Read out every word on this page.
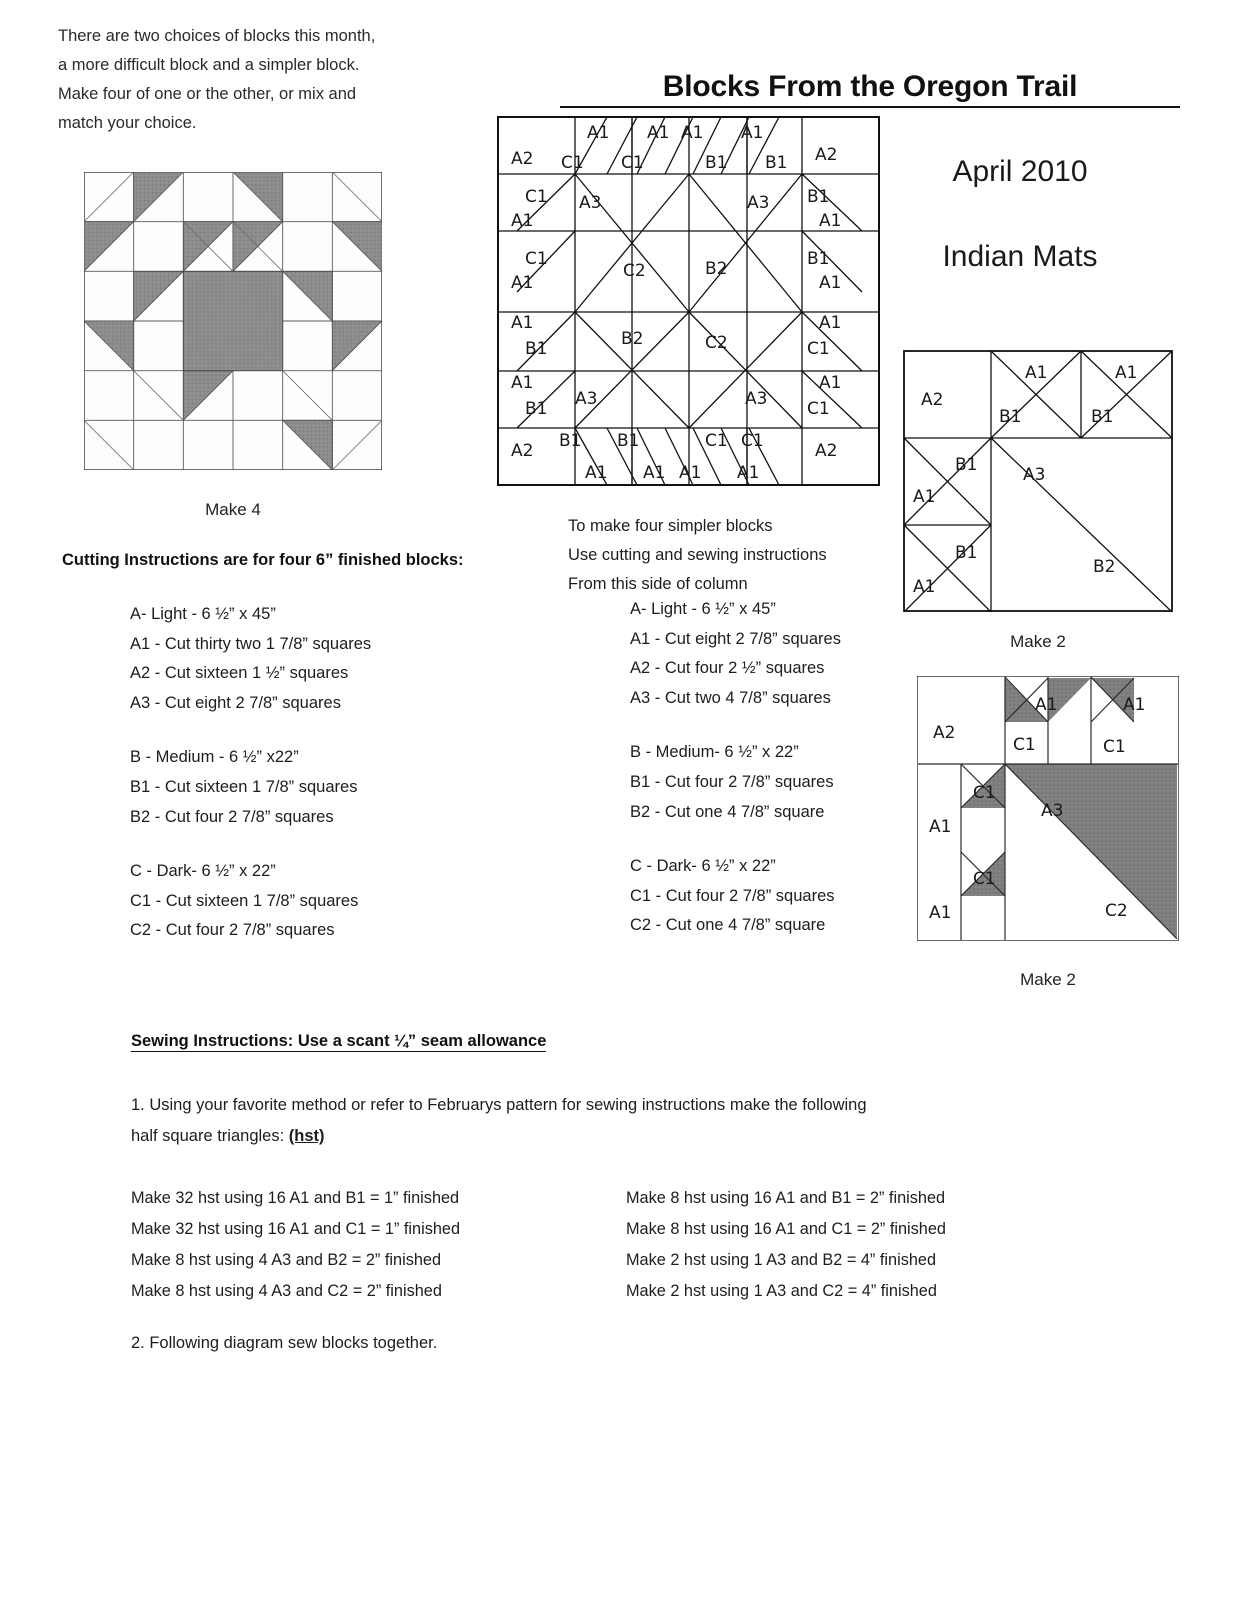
There are two choices of blocks this month,
a more difficult block and a simpler block.
Make four of one or the other, or mix and
match your choice.
Blocks From the Oregon Trail
April 2010
Indian Mats
Make 4
A2	A2
A2	A2
A1 A1 A1 A1
C1 C1	B1 B1
C1
A1
B1
A1
A3	A3
C1
A1
B1
A1
C2	B2
A1
B1
A1
C1
B2	C2
A1
B1
A1
C1
A3	A3
B1 B1	C1 C1
A1 A1 A1 A1
Cutting Instructions are for four 6” finished blocks:
A- Light - 6 ½” x 45”
A1 - Cut thirty two 1 7/8” squares
A2 - Cut sixteen 1 ½” squares
A3 - Cut eight 2 7/8” squares
B - Medium - 6 ½” x22”
B1 - Cut sixteen 1 7/8” squares
B2 - Cut four 2 7/8” squares
C - Dark- 6 ½” x 22”
C1 - Cut sixteen 1 7/8” squares
C2 - Cut four 2 7/8” squares
To make four simpler blocks
Use cutting and sewing instructions
From this side of column
A- Light - 6 ½” x 45”
A1 - Cut eight 2 7/8” squares
A2 - Cut four 2 ½” squares
A3 - Cut two 4 7/8” squares
B - Medium- 6 ½” x 22”
B1 - Cut four 2 7/8” squares
B2 - Cut one 4 7/8” square
C - Dark- 6 ½” x 22”
C1 - Cut four 2 7/8” squares
C2 - Cut one 4 7/8” square
A2
A1	A1
B1	B1
B1
A1
B1
A1
A3
B2
Make 2
A2
A1	A1
C1	C1
C1
A1
C1
A1
A3
C2
Make 2
Sewing Instructions: Use a scant ¼” seam allowance
1. Using your favorite method or refer to Februarys pattern for sewing instructions make the following
half square triangles: (hst)
Make 32 hst using 16 A1 and B1 = 1” finished
Make 32 hst using 16 A1 and C1 = 1” finished
Make 8 hst using 4 A3 and B2 = 2” finished
Make 8 hst using 4 A3 and C2 = 2” finished
Make 8 hst using 16 A1 and B1 = 2” finished
Make 8 hst using 16 A1 and C1 = 2” finished
Make 2 hst using 1 A3 and B2 = 4” finished
Make 2 hst using 1 A3 and C2 = 4” finished
2. Following diagram sew blocks together.
